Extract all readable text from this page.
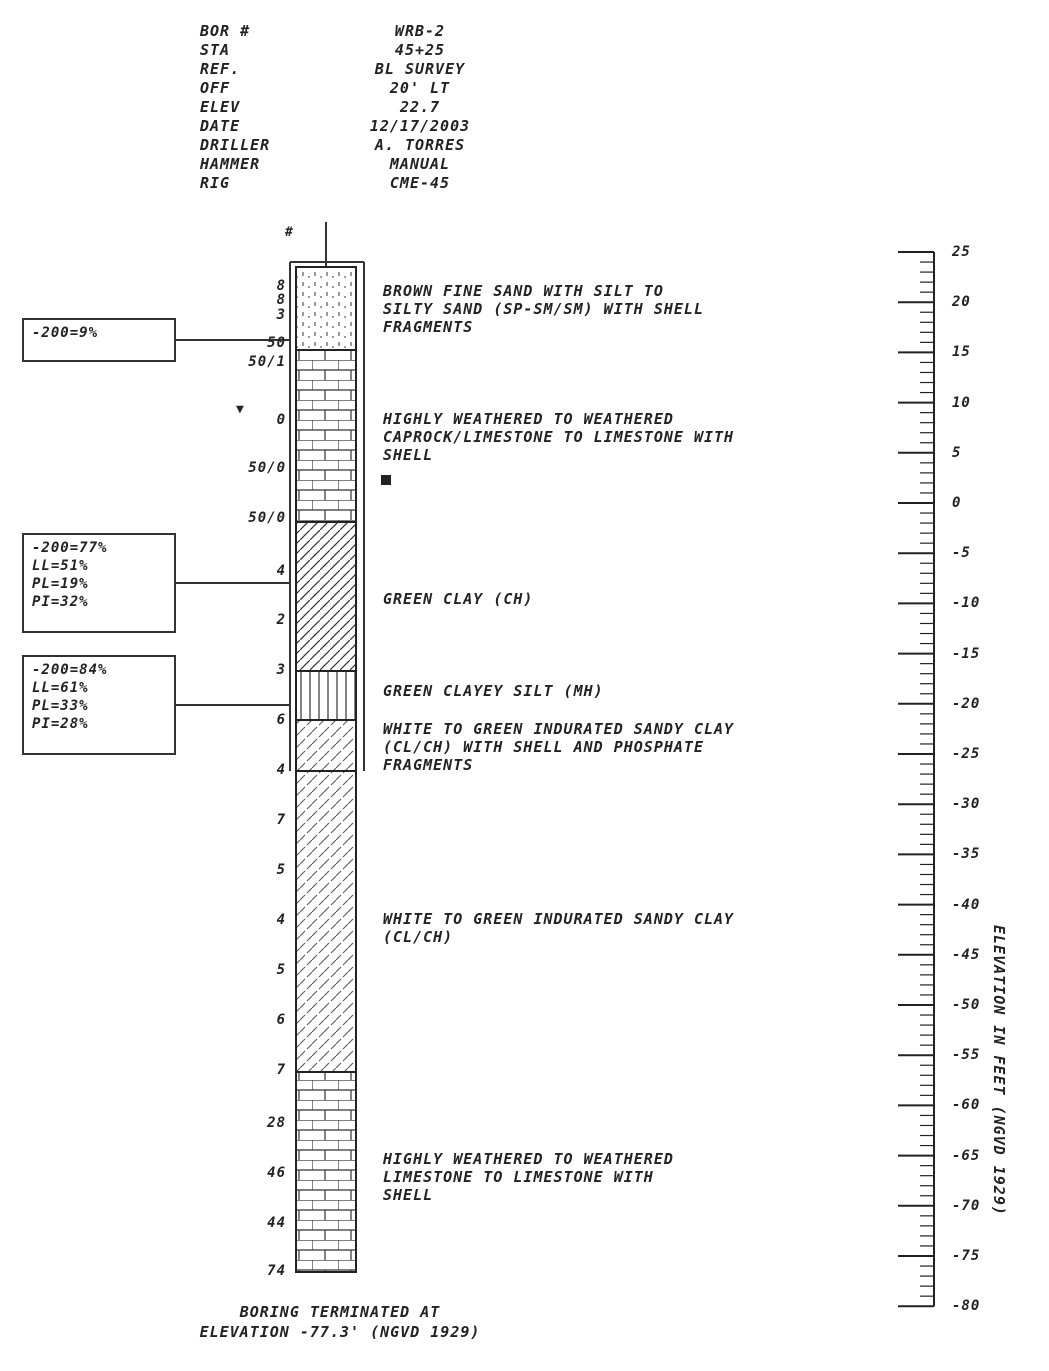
BOR #	WRB-2
STA	45+25
REF.	BL SURVEY
OFF	20' LT
ELEV	22.7
DATE	12/17/2003
DRILLER	A. TORRES
HAMMER	MANUAL
RIG	CME-45
-200=9%
-200=77%
LL=51%
PL=19%
PI=32%
-200=84%
LL=61%
PL=33%
PI=28%
BROWN FINE SAND WITH SILT TO
SILTY SAND (SP-SM/SM) WITH SHELL
FRAGMENTS
HIGHLY WEATHERED TO WEATHERED
CAPROCK/LIMESTONE TO LIMESTONE WITH
SHELL
GREEN CLAY (CH)
GREEN CLAYEY SILT (MH)
WHITE TO GREEN INDURATED SANDY CLAY
(CL/CH) WITH SHELL AND PHOSPHATE
FRAGMENTS
WHITE TO GREEN INDURATED SANDY CLAY
(CL/CH)
HIGHLY WEATHERED TO WEATHERED
LIMESTONE TO LIMESTONE WITH
SHELL
8
8
3
50
50/1
0
50/0
50/0
4
2
3
6
4
7
5
4
5
6
7
28
46
44
74
25
20
15
10
5
0
-5
-10
-15
-20
-25
-30
-35
-40
-45
-50
-55
-60
-65
-70
-75
-80
ELEVATION IN FEET (NGVD 1929)
BORING TERMINATED AT
ELEVATION -77.3' (NGVD 1929)
#
▼
